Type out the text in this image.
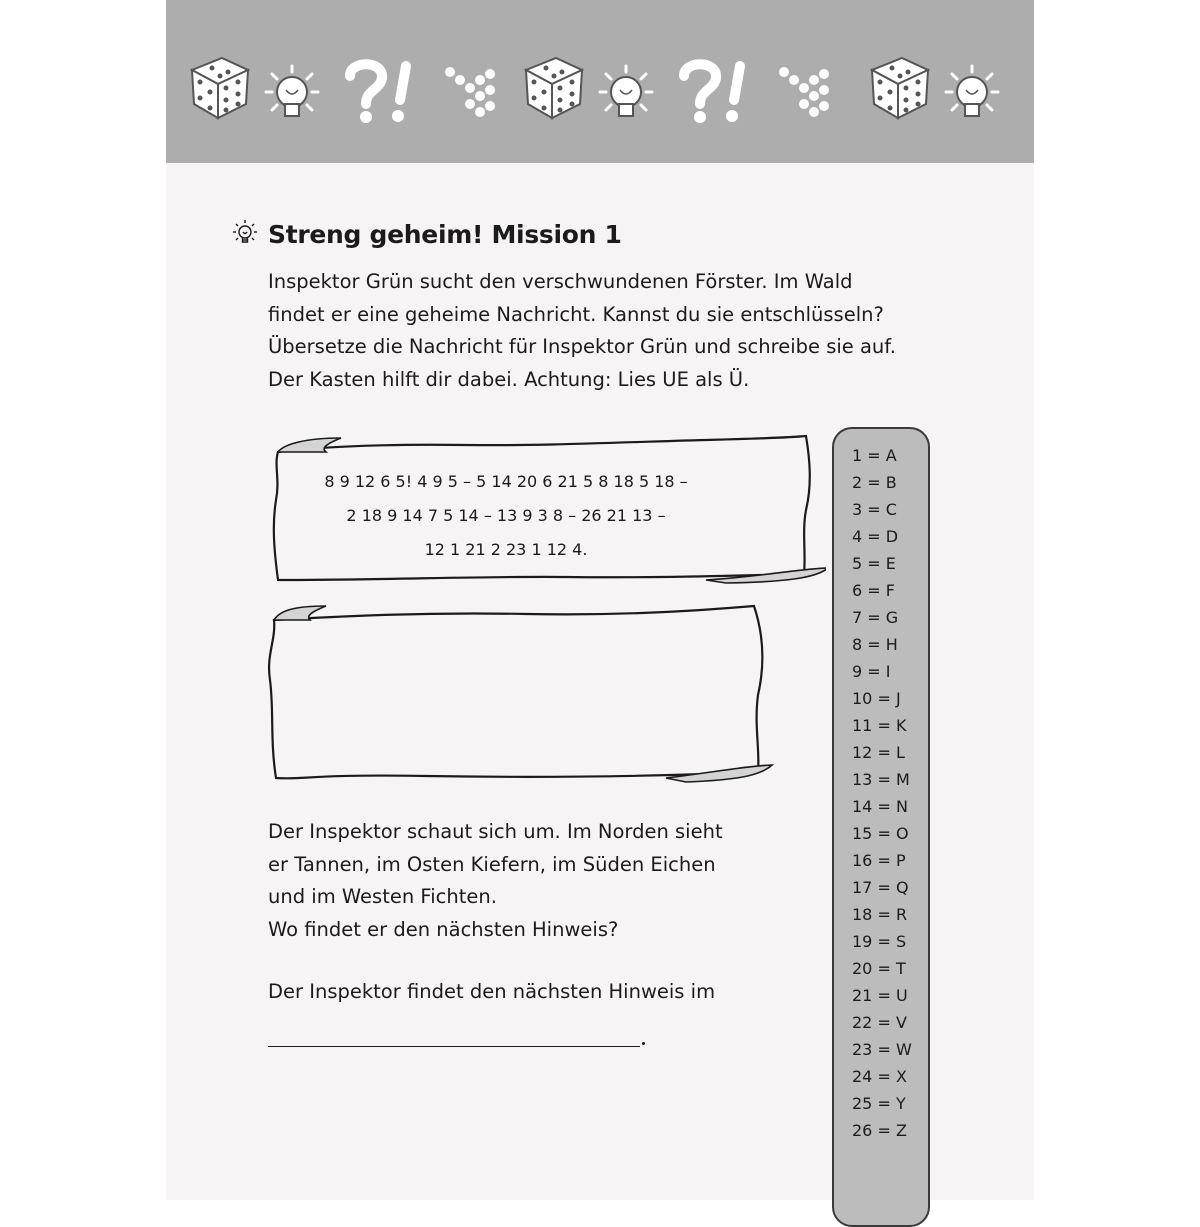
Streng geheim! Mission 1

Inspektor Grün sucht den verschwundenen Förster. Im Wald
findet er eine geheime Nachricht. Kannst du sie entschlüsseln?
Übersetze die Nachricht für Inspektor Grün und schreibe sie auf.
Der Kasten hilft dir dabei. Achtung: Lies UE als Ü.

8 9 12 6 5! 4 9 5 – 5 14 20 6 21 5 8 18 5 18 –
2 18 9 14 7 5 14 – 13 9 3 8 – 26 21 13 –
12 1 21 2 23 1 12 4.

Der Inspektor schaut sich um. Im Norden sieht
er Tannen, im Osten Kiefern, im Süden Eichen
und im Westen Fichten.
Wo findet er den nächsten Hinweis?

Der Inspektor findet den nächsten Hinweis im

1 = A
2 = B
3 = C
4 = D
5 = E
6 = F
7 = G
8 = H
9 = I
10 = J
11 = K
12 = L
13 = M
14 = N
15 = O
16 = P
17 = Q
18 = R
19 = S
20 = T
21 = U
22 = V
23 = W
24 = X
25 = Y
26 = Z
